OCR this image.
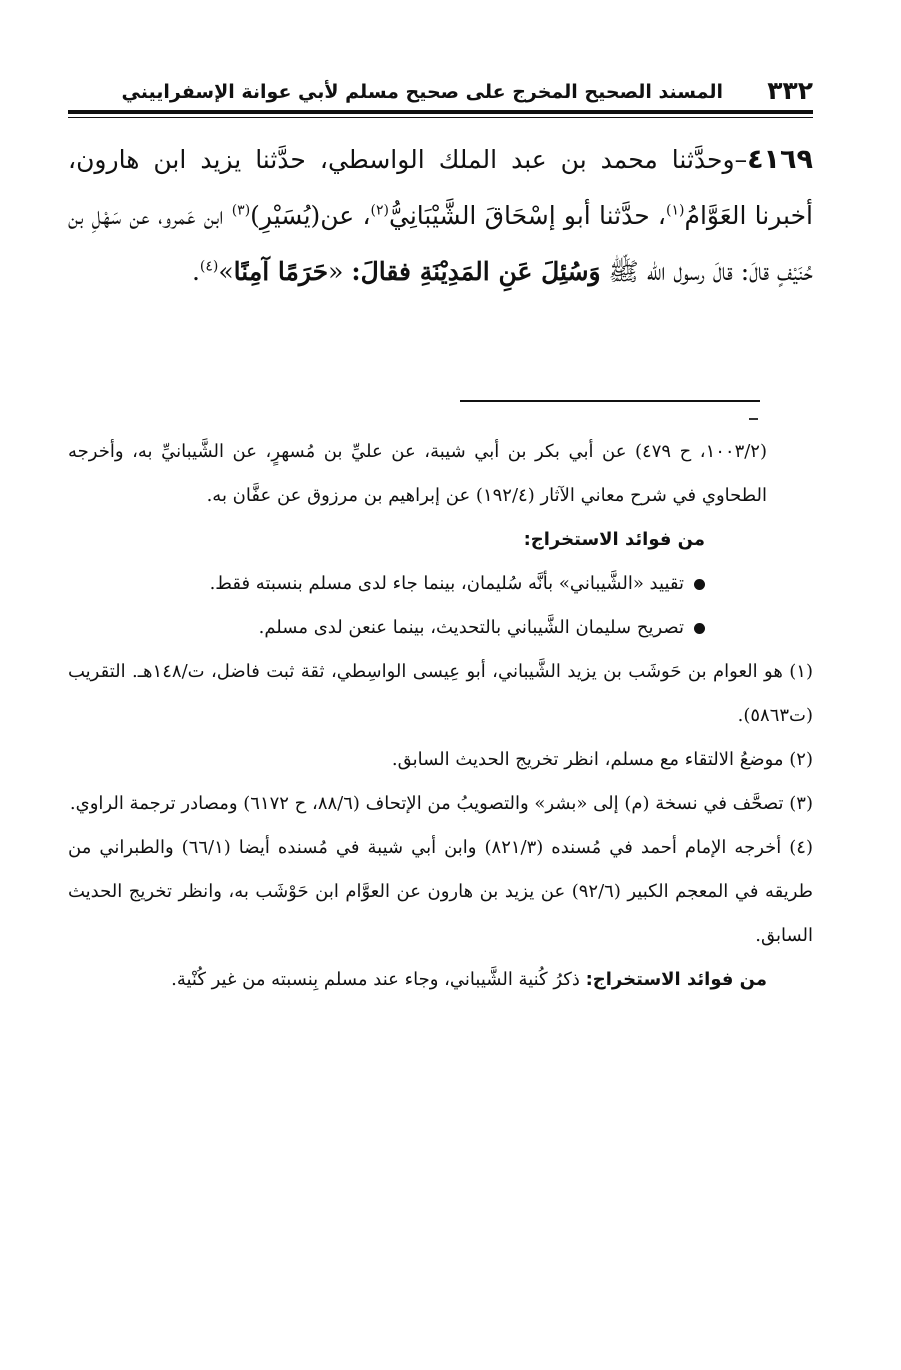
٣٣٢
المسند الصحيح المخرج على صحيح مسلم لأبي عوانة الإسفراييني
٤١٦٩–وحدَّثنا محمد بن عبد الملك الواسطي، حدَّثنا يزيد ابن هارون، أخبرنا العَوَّامُ$^{(١)}$، حدَّثنا أبو إسْحَاقَ الشَّيْبَانِيُّ$^{(٢)}$، عن(يُسَيْرِ)$^{(٣)}$ ابن عَمرو، عن سَهْلِ بن حُنَيْفٍ قالَ: قالَ رسول الله ﷺ وَسُئِلَ عَنِ المَدِيْنَةِ فقالَ: «حَرَمًا آمِنًا»$^{(٤)}$.

(١٠٠٣/٢، ح ٤٧٩) عن أبي بكر بن أبي شيبة، عن عليِّ بن مُسهرٍ، عن الشَّيبانيِّ به، وأخرجه الطحاوي في شرح معاني الآثار (١٩٢/٤) عن إبراهيم بن مرزوق عن عفَّان به.

من فوائد الاستخراج:

تقييد «الشَّيباني» بأنَّه سُليمان، بينما جاء لدى مسلم بنسبته فقط.

تصريح سليمان الشَّيباني بالتحديث، بينما عنعن لدى مسلم.

(١) هو العوام بن حَوشَب بن يزيد الشَّيباني، أبو عِيسى الواسِطي، ثقة ثبت فاضل، ت/١٤٨هـ. التقريب (ت٥٨٦٣).

(٢) موضعُ الالتقاء مع مسلم، انظر تخريج الحديث السابق.

(٣) تصحَّف في نسخة (م) إلى «بشر» والتصويبُ من الإتحاف (٨٨/٦، ح ٦١٧٢) ومصادر ترجمة الراوي.

(٤) أخرجه الإمام أحمد في مُسنده (٨٢١/٣) وابن أبي شيبة في مُسنده أيضا (٦٦/١) والطبراني من طريقه في المعجم الكبير (٩٢/٦) عن يزيد بن هارون عن العوَّام ابن حَوْشَب به، وانظر تخريج الحديث السابق.

من فوائد الاستخراج: ذكرُ كُنية الشَّيباني، وجاء عند مسلم بِنسبته من غير كُنْية.
